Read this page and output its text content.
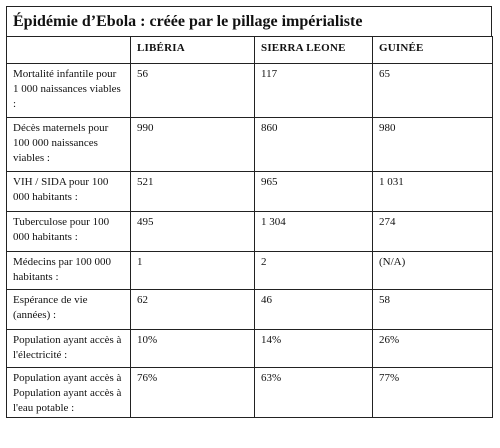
Épidémie d’Ebola : créée par le pillage impérialiste
	LIBÉRIA	SIERRA LEONE	GUINÉE
Mortalité infantile pour 1 000 naissances viables :	56	117	65
Décès maternels pour 100 000 naissances viables :	990	860	980
VIH / SIDA pour 100 000 habitants :	521	965	1 031
Tuberculose pour 100 000 habitants :	495	1 304	274
Médecins par 100 000 habitants :	1	2	(N/A)
Espérance de vie (années) :	62	46	58
Population ayant accès à l'électricité :	10%	14%	26%
Population ayant accès à Population ayant accès à l'eau potable :	76%	63%	77%
